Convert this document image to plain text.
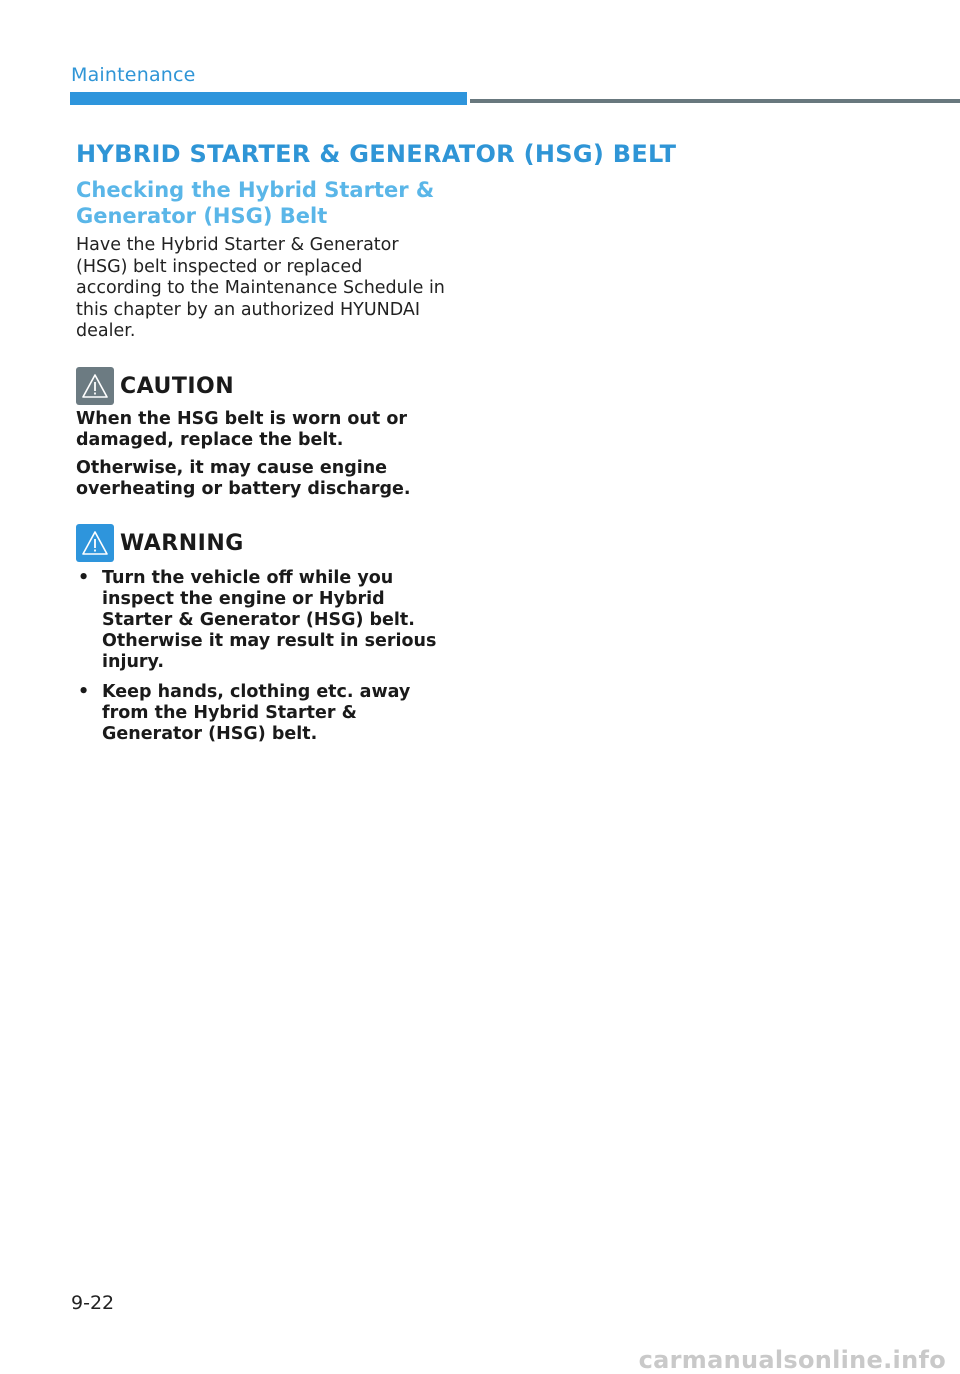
Maintenance
HYBRID STARTER & GENERATOR (HSG) BELT
Checking the Hybrid Starter & Generator (HSG) Belt

Have the Hybrid Starter & Generator (HSG) belt inspected or replaced according to the Maintenance Schedule in this chapter by an authorized HYUNDAI dealer.

CAUTION

When the HSG belt is worn out or damaged, replace the belt.

Otherwise, it may cause engine overheating or battery discharge.

WARNING
• Turn the vehicle off while you inspect the engine or Hybrid Starter & Generator (HSG) belt. Otherwise it may result in serious injury.
• Keep hands, clothing etc. away from the Hybrid Starter & Generator (HSG) belt.
9-22
carmanualsonline.info
